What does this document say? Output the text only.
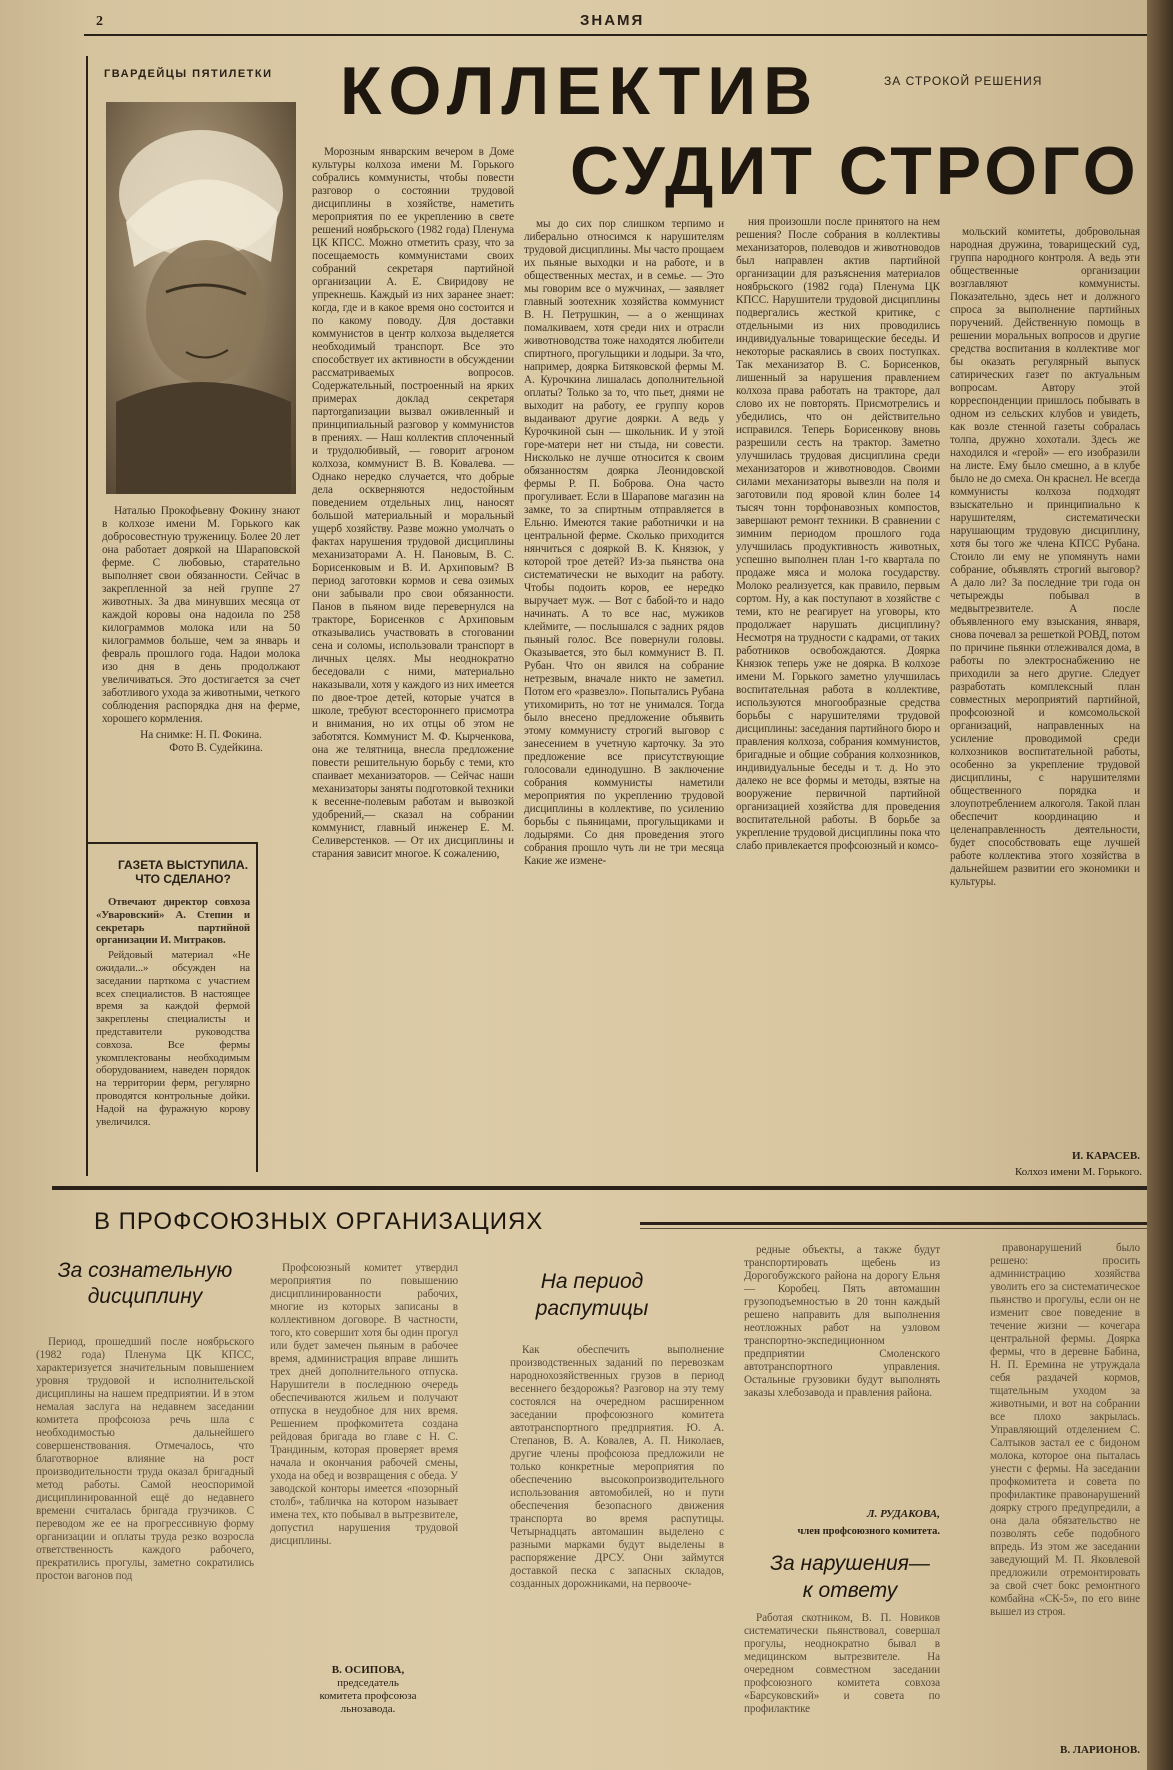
2	ЗНАМЯ
ГВАРДЕЙЦЫ ПЯТИЛЕТКИ	ЗА СТРОКОЙ РЕШЕНИЯ
КОЛЛЕКТИВ
СУДИТ СТРОГО

Наталью Прокофьевну Фокину знают в колхозе имени М. Горького как добросовестную труженицу. Более 20 лет она работает дояркой на Шараповской ферме. С любовью, старательно выполняет свои обязанности. Сейчас в закрепленной за ней группе 27 животных. За два минувших месяца от каждой коровы она надоила по 258 килограммов молока или на 50 килограммов больше, чем за январь и февраль прошлого года. Надои молока изо дня в день продолжают увеличиваться. Это достигается за счет заботливого ухода за животными, четкого соблюдения распорядка дня на ферме, хорошего кормления.

На снимке: Н. П. Фокина.
Фото В. Судейкина.
ГАЗЕТА ВЫСТУПИЛА.
ЧТО СДЕЛАНО?

Отвечают директор совхоза «Уваровский» А. Степин и секретарь партийной организации И. Митраков.

Рейдовый материал «Не ожидали...» обсужден на заседании парткома с участием всех специалистов. В настоящее время за каждой фермой закреплены специалисты и представители руководства совхоза. Все фермы укомплектованы необходимым оборудованием, наведен порядок на территории ферм, регулярно проводятся контрольные дойки. Надой на фуражную корову увеличился.

Морозным январским вечером в Доме культуры колхоза имени М. Горького собрались коммунисты, чтобы повести разговор о состоянии трудовой дисциплины в хозяйстве, наметить мероприятия по ее укреплению в свете решений ноябрьского (1982 года) Пленума ЦК КПСС. Можно отметить сразу, что за посещаемость коммунистами своих собраний секретаря партийной организации А. Е. Свиридову не упрекнешь. Каждый из них заранее знает: когда, где и в какое время оно состоится и по какому поводу. Для доставки коммунистов в центр колхоза выделяется необходимый транспорт. Все это способствует их активности в обсуждении рассматриваемых вопросов. Содержательный, построенный на ярких примерах доклад секретаря партorganизации вызвал оживленный и принципиальный разговор у коммунистов в прениях. — Наш коллектив сплоченный и трудолюбивый, — говорит агроном колхоза, коммунист В. В. Ковалева. — Однако нередко случается, что добрые дела оскверняются недостойным поведением отдельных лиц, наносят большой материальный и моральный ущерб хозяйству. Разве можно умолчать о фактах нарушения трудовой дисциплины механизаторами А. Н. Пановым, В. С. Борисенковым и В. И. Архиповым? В период заготовки кормов и сева озимых они забывали про свои обязанности. Панов в пьяном виде перевернулся на тракторе, Борисенков с Архиповым отказывались участвовать в стоговании сена и соломы, использовали транспорт в личных целях. Мы неоднократно беседовали с ними, материально наказывали, хотя у каждого из них имеется по двое-трое детей, которые учатся в школе, требуют всестороннего присмотра и внимания, но их отцы об этом не заботятся. Коммунист М. Ф. Кырченкова, она же телятница, внесла предложение повести решительную борьбу с теми, кто спаивает механизаторов. — Сейчас наши механизаторы заняты подготовкой техники к весенне-полевым работам и вывозкой удобрений,— сказал на собрании коммунист, главный инженер Е. М. Селиверстенков. — От их дисциплины и старания зависит многое. К сожалению,

мы до сих пор слишком терпимо и либерально относимся к нарушителям трудовой дисциплины. Мы часто прощаем их пьяные выходки и на работе, и в общественных местах, и в семье. — Это мы говорим все о мужчинах, — заявляет главный зоотехник хозяйства коммунист В. Н. Петрушкин, — а о женщинах помалкиваем, хотя среди них и отрасли животноводства тоже находятся любители спиртного, прогульщики и лодыри. За что, например, доярка Битяковской фермы М. А. Курочкина лишалась дополнительной оплаты? Только за то, что пьет, днями не выходит на работу, ее группу коров выдаивают другие доярки. А ведь у Курочкиной сын — школьник. И у этой горе-матери нет ни стыда, ни совести. Нисколько не лучше относится к своим обязанностям доярка Леонидовской фермы Р. П. Боброва. Она часто прогуливает. Если в Шарапове магазин на замке, то за спиртным отправляется в Ельню. Имеются такие работнички и на центральной ферме. Сколько приходится нянчиться с дояркой В. К. Князюк, у которой трое детей? Из-за пьянства она систематически не выходит на работу. Чтобы подоить коров, ее нередко выручает муж. — Вот с бабой-то и надо начинать. А то все нас, мужиков клеймите, — послышался с задних рядов пьяный голос. Все повернули головы. Оказывается, это был коммунист В. П. Рубан. Что он явился на собрание нетрезвым, вначале никто не заметил. Потом его «развезло». Попытались Рубана утихомирить, но тот не унимался. Тогда было внесено предложение объявить этому коммунисту строгий выговор с занесением в учетную карточку. За это предложение все присутствующие голосовали единодушно. В заключение собрания коммунисты наметили мероприятия по укреплению трудовой дисциплины в коллективе, по усилению борьбы с пьяницами, прогульщиками и лодырями. Со дня проведения этого собрания прошло чуть ли не три месяца Какие же измене-

ния произошли после принятого на нем решения? После собрания в коллективы механизаторов, полеводов и животноводов был направлен актив партийной организации для разъяснения материалов ноябрьского (1982 года) Пленума ЦК КПСС. Нарушители трудовой дисциплины подвергались жесткой критике, с отдельными из них проводились индивидуальные товарищеские беседы. И некоторые раскаялись в своих поступках. Так механизатор В. С. Борисенков, лишенный за нарушения правлением колхоза права работать на тракторе, дал слово их не повторять. Присмотрелись и убедились, что он действительно исправился. Теперь Борисенкову вновь разрешили сесть на трактор. Заметно улучшилась трудовая дисциплина среди механизаторов и животноводов. Своими силами механизаторы вывезли на поля и заготовили под яровой клин более 14 тысяч тонн торфонавозных компостов, завершают ремонт техники. В сравнении с зимним периодом прошлого года улучшилась продуктивность животных, успешно выполнен план 1-го квартала по продаже мяса и молока государству. Молоко реализуется, как правило, первым сортом. Ну, а как поступают в хозяйстве с теми, кто не реагирует на уговоры, кто продолжает нарушать дисциплину? Несмотря на трудности с кадрами, от таких работников освобождаются. Доярка Князюк теперь уже не доярка. В колхозе имени М. Горького заметно улучшилась воспитательная работа в коллективе, используются многообразные средства борьбы с нарушителями трудовой дисциплины: заседания партийного бюро и правления колхоза, собрания коммунистов, бригадные и общие собрания колхозников, индивидуальные беседы и т. д. Но это далеко не все формы и методы, взятые на вооружение первичной партийной организацией хозяйства для проведения воспитательной работы. В борьбе за укрепление трудовой дисциплины пока что слабо привлекается профсоюзный и комсо-

мольский комитеты, добровольная народная дружина, товарищеский суд, группа народного контроля. А ведь эти общественные организации возглавляют коммунисты. Показательно, здесь нет и должного спроса за выполнение партийных поручений. Действенную помощь в решении моральных вопросов и другие средства воспитания в коллективе мог бы оказать регулярный выпуск сатирических газет по актуальным вопросам. Автору этой корреспонденции пришлось побывать в одном из сельских клубов и увидеть, как возле стенной газеты собралась толпа, дружно хохотали. Здесь же находился и «герой» — его изобразили на листе. Ему было смешно, а в клубе было не до смеха. Он краснел. Не всегда коммунисты колхоза подходят взыскательно и принципиально к нарушителям, систематически нарушающим трудовую дисциплину, хотя бы того же члена КПСС Рубана. Стоило ли ему не упомянуть нами собрание, объявлять строгий выговор? А дало ли? За последние три года он четырежды побывал в медвытрезвителе. А после объявленного ему взыскания, января, снова почевал за решеткой РОВД, потом по причине пьянки отлеживался дома, в работы по электроснабжению не приходили за него другие. Следует разработать комплексный план совместных мероприятий партийной, профсоюзной и комсомольской организаций, направленных на усиление проводимой среди колхозников воспитательной работы, особенно за укрепление трудовой дисциплины, с нарушителями общественного порядка и злоупотреблением алкоголя. Такой план обеспечит координацию и целенаправленность деятельности, будет способствовать еще лучшей работе коллектива этого хозяйства в дальнейшем развитии его экономики и культуры.

И. КАРАСЕВ.
Колхоз имени М. Горького.
В ПРОФСОЮЗНЫХ ОРГАНИЗАЦИЯХ
За сознательную
дисциплину

Период, прошедший после ноябрьского (1982 года) Пленума ЦК КПСС, характеризуется значительным повышением уровня трудовой и исполнительской дисциплины на нашем предприятии. И в этом немалая заслуга на недавнем заседании комитета профсоюза речь шла с необходимостью дальнейшего совершенствования. Отмечалось, что благотворное влияние на рост производительности труда оказал бригадный метод работы. Самой неоспоримой дисциплинированной ещё до недавнего времени считалась бригада грузчиков. С переводом же ее на прогрессивную форму организации и оплаты труда резко возросла ответственность каждого рабочего, прекратились прогулы, заметно сократились простои вагонов под

Профсоюзный комитет утвердил мероприятия по повышению дисциплинированности рабочих, многие из которых записаны в коллективном договоре. В частности, того, кто совершит хотя бы один прогул или будет замечен пьяным в рабочее время, администрация вправе лишить трех дней дополнительного отпуска. Нарушители в последнюю очередь обеспечиваются жильем и получают отпуска в неудобное для них время. Решением профкомитета создана рейдовая бригада во главе с Н. С. Трандиным, которая проверяет время начала и окончания рабочей смены, ухода на обед и возвращения с обеда. У заводской конторы имеется «позорный столб», табличка на котором называет имена тех, кто побывал в вытрезвителе, допустил нарушения трудовой дисциплины.

В. ОСИПОВА,
председатель
комитета профсоюза
льнозавода.
На период
распутицы

Как обеспечить выполнение производственных заданий по перевозкам народнохозяйственных грузов в период весеннего бездорожья? Разговор на эту тему состоялся на очередном расширенном заседании профсоюзного комитета автотранспортного предприятия. Ю. А. Степанов, В. А. Ковалев, А. П. Николаев, другие члены профсоюза предложили не только конкретные мероприятия по обеспечению высокопроизводительного использования автомобилей, но и пути обеспечения безопасного движения транспорта во время распутицы. Четырнадцать автомашин выделено с разными марками будут выделены в распоряжение ДРСУ. Они займутся доставкой песка с запасных складов, созданных дорожниками, на первооче-

редные объекты, а также будут транспортировать щебень из Дорогобужского района на дорогу Ельня — Коробец. Пять автомашин грузоподъемностью в 20 тонн каждый решено направить для выполнения неотложных работ на узловом транспортно-экспедиционном предприятии Смоленского автотранспортного управления. Остальные грузовики будут выполнять заказы хлебозавода и правления района.

Л. РУДАКОВА,
член профсоюзного комитета.
За нарушения—
к ответу

Работая скотником, В. П. Новиков систематически пьянствовал, совершал прогулы, неоднократно бывал в медицинском вытрезвителе. На очередном совместном заседании профсоюзного комитета совхоза «Барсуковский» и совета по профилактике

правонарушений было решено: просить администрацию хозяйства уволить его за систематическое пьянство и прогулы, если он не изменит свое поведение в течение жизни — кочегара центральной фермы. Доярка фермы, что в деревне Бабина, Н. П. Еремина не утруждала себя раздачей кормов, тщательным уходом за животными, и вот на собрании все плохо закрылась. Управляющий отделением С. Салтыков застал ее с бидоном молока, которое она пыталась унести с фермы. На заседании профкомитета и совета по профилактике правонарушений доярку строго предупредили, а она дала обязательство не позволять себе подобного впредь. Из этом же заседании заведующий М. П. Яковлевой предложили отремонтировать за свой счет бокс ремонтного комбайна «СК-5», по его вине вышел из строя.

В. ЛАРИОНОВ.
